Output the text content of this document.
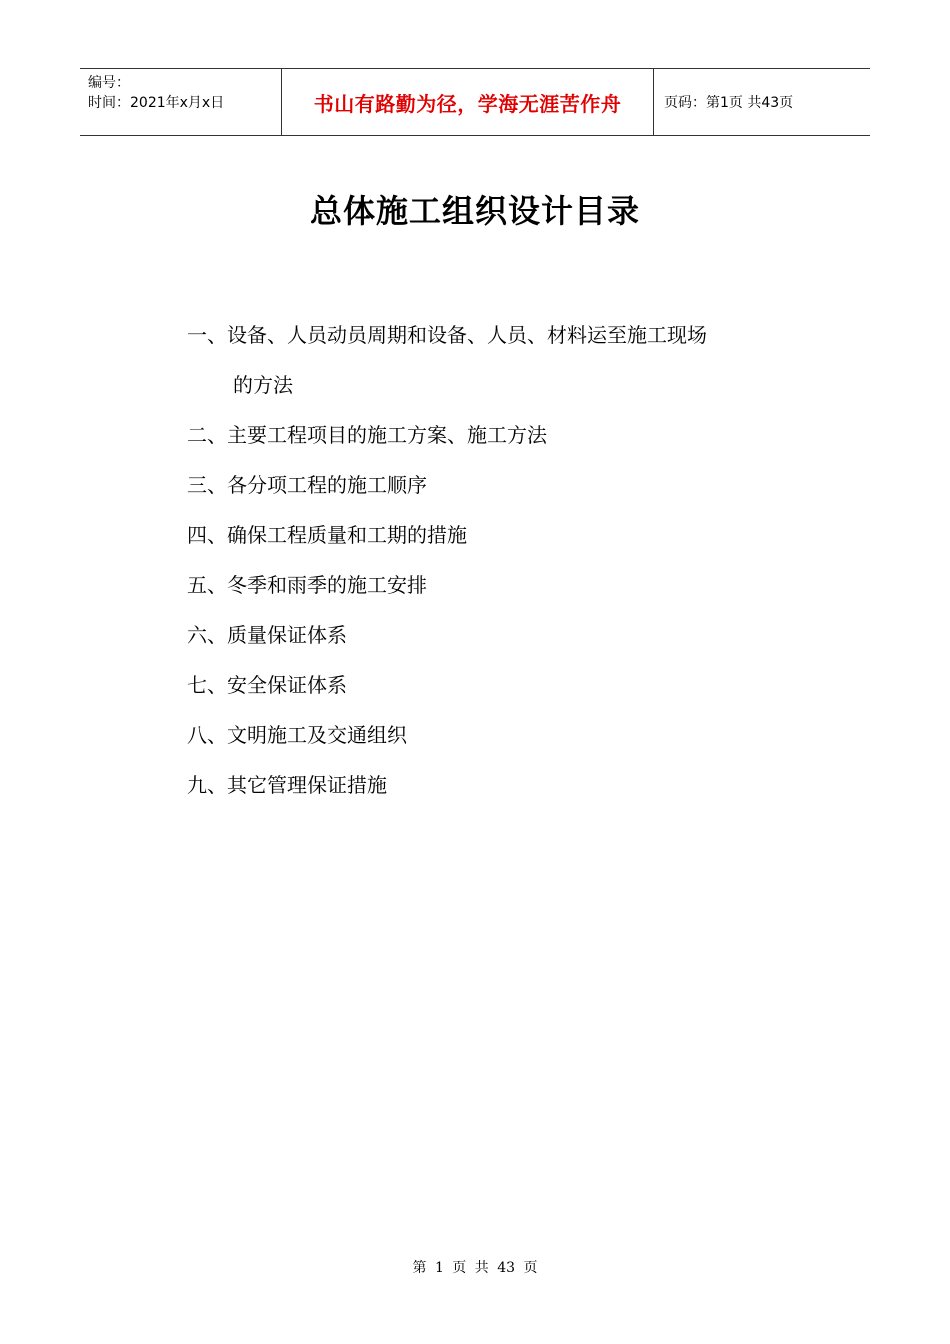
编号：
时间：2021年x月x日	书山有路勤为径，学海无涯苦作舟	页码：第1页 共43页
总体施工组织设计目录
一、设备、人员动员周期和设备、人员、材料运至施工现场
的方法
二、主要工程项目的施工方案、施工方法
三、各分项工程的施工顺序
四、确保工程质量和工期的措施
五、冬季和雨季的施工安排
六、质量保证体系
七、安全保证体系
八、文明施工及交通组织
九、其它管理保证措施
第 1 页 共 43 页
